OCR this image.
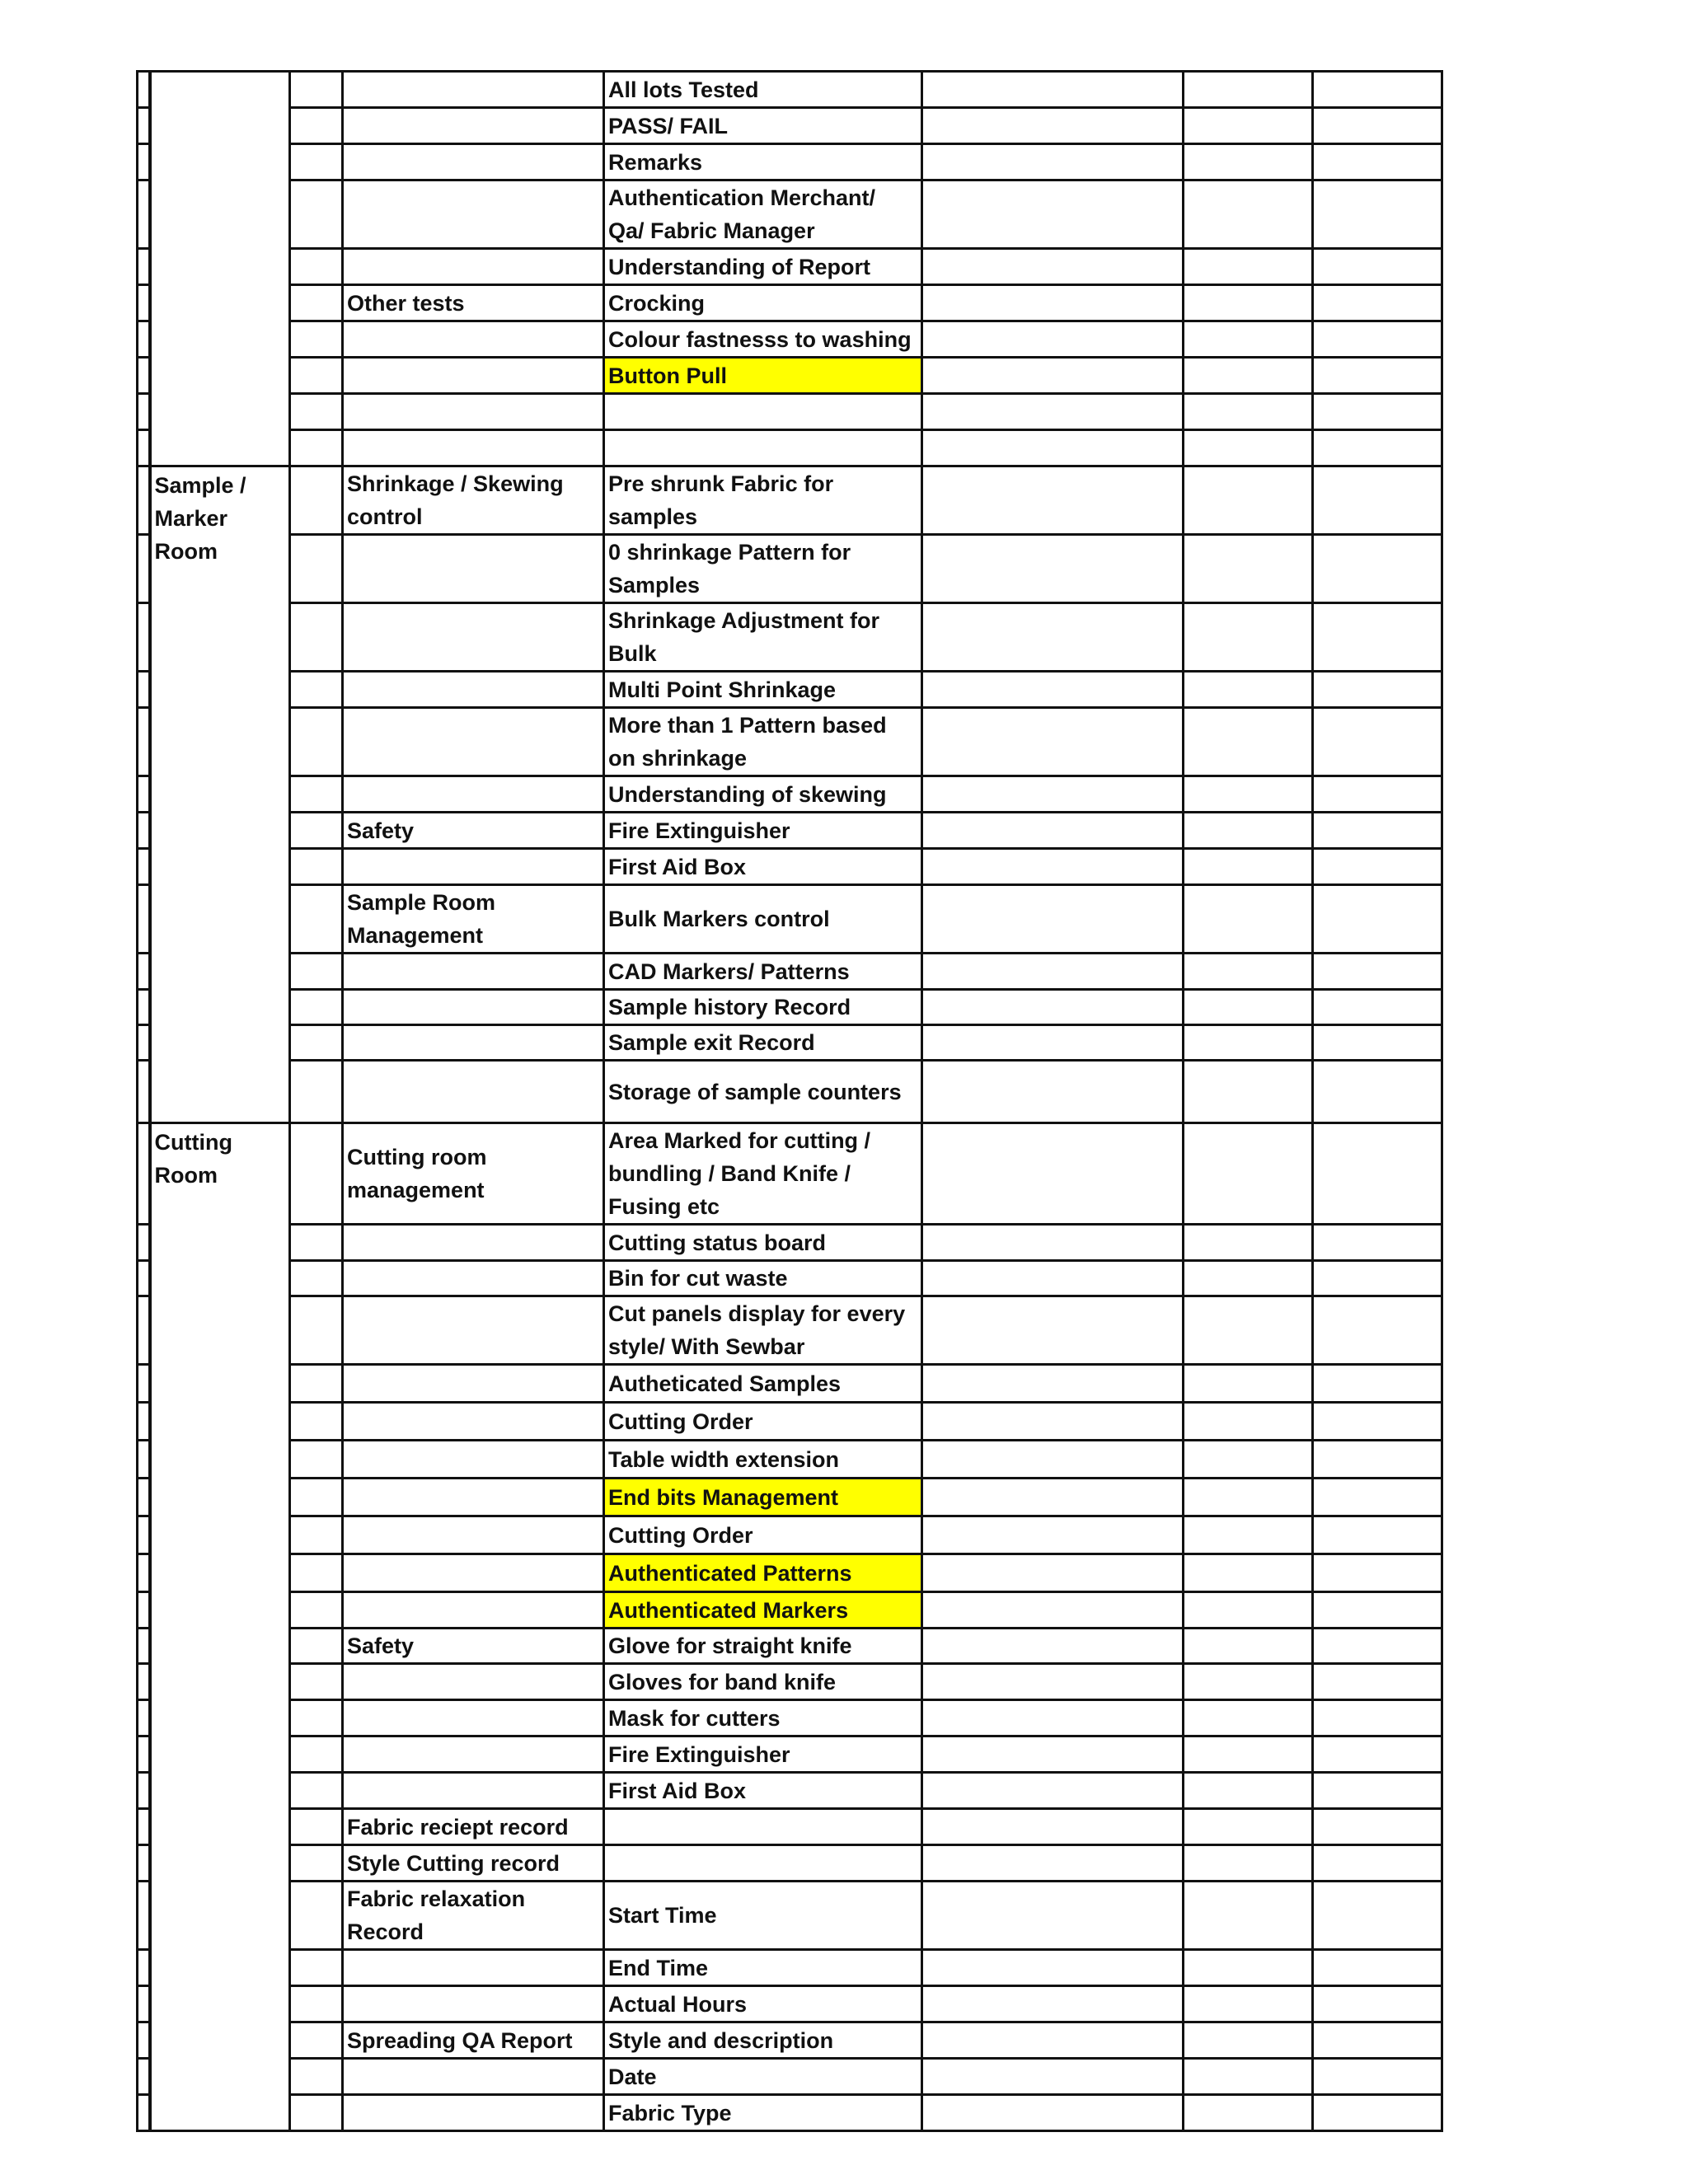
				All lots Tested			
				PASS/ FAIL			
				Remarks			
				Authentication Merchant/ Qa/ Fabric Manager			
				Understanding of Report			
			Other tests	Crocking			
				Colour fastnesss to washing			
				Button Pull			

	Sample / Marker Room		Shrinkage / Skewing control	Pre shrunk Fabric for samples			
				0 shrinkage Pattern for Samples			
				Shrinkage Adjustment for Bulk			
				Multi Point Shrinkage			
				More than 1 Pattern based on shrinkage			
				Understanding of skewing			
			Safety	Fire Extinguisher			
				First Aid Box			
			Sample Room Management	Bulk Markers control			
				CAD Markers/ Patterns			
				Sample history Record			
				Sample exit Record			
				Storage of sample counters			
	Cutting Room		Cutting room management	Area Marked for cutting / bundling / Band Knife / Fusing etc			
				Cutting status board			
				Bin for cut waste			
				Cut panels display for every style/ With Sewbar			
				Autheticated Samples			
				Cutting Order			
				Table width extension			
				End bits Management			
				Cutting Order			
				Authenticated Patterns			
				Authenticated Markers			
			Safety	Glove for straight knife			
				Gloves for band knife			
				Mask for cutters			
				Fire Extinguisher			
				First Aid Box			
			Fabric reciept record				
			Style Cutting record				
			Fabric relaxation Record	Start Time			
				End Time			
				Actual Hours			
			Spreading QA Report	Style and description			
				Date			
				Fabric Type			
